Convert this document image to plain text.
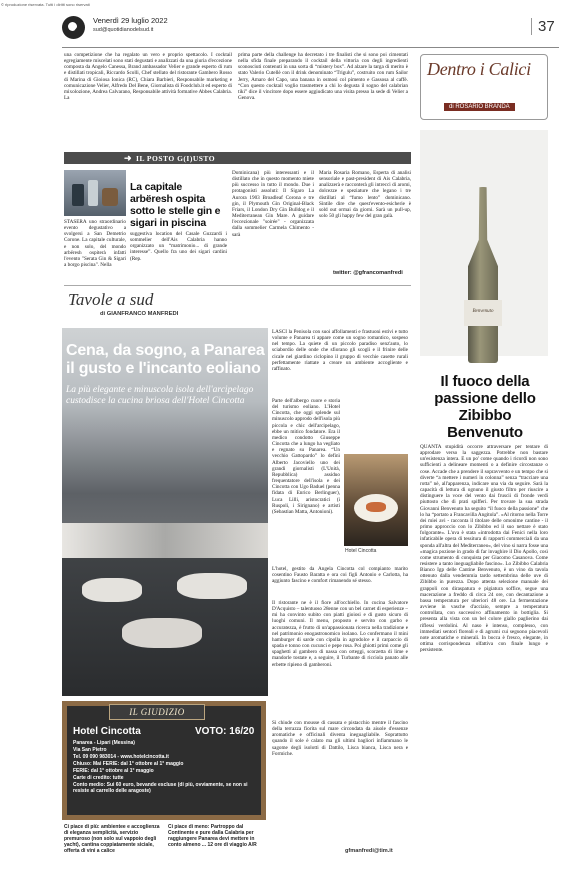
© riproduzione riservata. Tutti i diritti sono riservati
Venerdì 29 luglio 2022
sud@quotidianodelsud.it	37
una competizione che ha regalato un vero e proprio spettacolo. I cocktail egregiamente miscelati sono stati degustati e analizzati da una giuria d'eccezione composta da Angelo Canessa, Brand ambassador Velier e grande esperto di rum e distillati tropicali, Riccardo Scolli, Chef stellato del ristorante Gambero Rosso di Marina di Gioiosa Ionica (RC), Chiara Barbieri, Responsabile marketing e comunicazione Velier, Alfredo Del Bene, Giornalista di Foodclub.it ed esperto di mixolozione, Andrea Calvarano, Responsabile attività formative Abbes Calabria. La
prima parte della challenge ha decretato i tre finalisti che si sono poi cimentati nella sfida finale preparando il cocktail della vittoria con degli ingredienti sconosciuti contenuti in una sorta di “mistery box”. Ad alzare la targa di merito è stato Valerio Cutellè con il drink denominato “Trigulu”, costruito con rum Sailor Jerry, Amaro del Capo, una banana in osmosi col pimento e Gassosa al caffè. “Con questo cocktail voglio trasmettere a chi lo degusta il sogno del calabrian tiki” dice il vincitore dopo essere aggiudicato una visita presso la sede di Velier a Genova.
➜ IL POSTO G(I)USTO
STASERA uno straordinario evento degustativo a svolgersi a San Demetrio Corone. La capitale culturale, e non solo, del mondo arbëresh ospiterà infatti l'evento "Serata Gin & Sigari a borgo piscina". Nella
La capitale arbëresh ospita sotto le stelle gin e sigari in piscina
suggestiva location del Casale Guzzardi i sommelier dell'Ais Calabria hanno organizzato un “matrimonio... di grande interesse”. Quello fra uno dei sigari cardini (Rep.
Dominicana) più interessanti e il distillato che in questo momento miete più successo in tutto il mondo. Due i protagonisti assoluti: Il Sigaro La Aurora 1903 Broadleaf Corona e tre gin, il Plymouth Gin Original-Black Friars, il London Dry Gin Bulldog e il Mediterranean Gin Mare. A guidare l'eccezionale "soirée" - organizzata dalla sommelier Carmela Chimento - sarà
Maria Rosaria Romano, Esperta di analisi sensoriale e past-president di Ais Calabria, analizzerà e racconterà gli intrecci di aromi, dolcezze e speziature che legano i tre distillati al “fumo lento” dominicano. Sintile dire che quest'evento-esicherie è sold out ormai da giorni. Sarà un pull-up, solo 50 gli happy few del gran galà.
twitter: @gfrancomanfredi
Dentro i Calici
di ROSARIO BRANDA
Benvenuto
Il fuoco della passione dello Zibibbo Benvenuto
QUANTA stupidità occorre attraversare per tentare di approdare verso la saggezza. Potrebbe non bastare un'esistenza intera. E un po' come quando i ricordi non sono sufficienti a delineare momenti o a definire circostanze o cose. Accade che a prendere il sopravvento e un tempo che si diverte “a mettere i numeri in colonna” senza “tracciare una rotta” nè, all'apparenza, indicare una via da seguire. Sarà la capacità di lettura di ognuno il giusto filtro per riuscire a distinguere la voce del vento dai fruscii di fronde verdi piuttosto che di prati spifferi. Per trovare la sua strada Giovanni Benvenuto ha seguito “il fuoco della passione” che lo ha “portato a Francavilla Angitola”. «Al ritorno nella Torre dei miei avi - racconta il titolare delle omonime cantine - il primo approccio con lo Zibibbo ed il suo nettare è stato folgorante». L'uva è stata «introdotta dai Fenici nella loro infaticabile opera di tessitura di rapporti commerciali da una sponda all'altra del Mediterraneo», del vino si narra fosse una «magica pozione in grado di far invaghire il Dio Apollo, così come strumento di conquista per Giacomo Casanova. Come resistere a tanto ineguagliabile fascino». Lo Zibibbo Calabria Bianco Igp delle Cantine Benvenuto, è un vino da tavola ottenuto dalla vendemmia tardo settembrina delle uve di Zibibbo in purezza. Dopo attenta selezione manuale dei grappoli con diraspatura e pigiatura soffice, segue una macerazione a freddo di circa 24 ore, con decantazione a bassa temperatura per ulteriori 48 ore. La fermentazione avviene in vasche d'acciaio, sempre a temperatura controllata, con successivo affinamento in bottiglia. Si presenta alla vista con un bel colore giallo paglierino dai riflessi verdolini. Al naso è intenso, complesso, con immediati sentori floreali e di agrumi cui seguono piacevoli note aromatiche e minerali. In bocca è fresco, elegante, in ottima corrispondenza olfattiva con finale lungo e persistente.
Tavole a sud
di GIANFRANCO MANFREDI
Cena, da sogno, a Panarea il gusto e l'incanto eoliano
La più elegante e minuscola isola dell'arcipelago custodisce la cucina briosa dell'Hotel Cincotta
LASCI la Penisola con suoi affollamenti e frastuoni estivi e tutto volume e Panarea ti appare come un sogno romantico, sospeso nel tempo. La quiete di un piccolo paradiso senz'auto, lo sciabordio delle onde che sfiorano gli scogli e il frinire delle cicale nel giardino ciclopino il gruppo di vecchie casette rurali perfettamente riattate a creare un ambiente accogliente e raffinato.
Parte dell'albergo cuore e storia del turismo eoliano. L'Hotel Cincotta, che oggi splende sul minuscolo approdo dell'isola più piccola e chic dell'arcipelago, ebbe un mitico fondatore. Era il medico condotto Giuseppe Cincotta che a lungo ha vegliato e regnato su Panarea. “Un vecchio Gattopardo” lo definì Alberto Jacoviello uno dei grandi giornalisti (L'Unità, Repubblica) assiduo frequentatore dell'isola e dei Cincotta con Ugo Baduel (penna fidata di Enrico Berlinguer), Luca Lilli, aristocratici (i Ruspoli, i Sirignano) e artisti (Sebastian Matta, Antonioni).
Hotel Cincotta
L'hotel, gestito da Angela Cincotta col compianto marito cosentino Fausto Baratta e ora coi figli Antonio e Carlotta, ha aggiunto fascino e comfort rimanendo sé stesso.
Il ristorante ne è il fiore all'occhiello. In cucina Salvatore D'Acquisto – talentuoso 28enne con un bel carnet di esperienze – mi ha convinto subito con piatti gioiosi e di gusto sicuro di luoghi comuni. Il menu, proposto e servito con garbo e accuratezza, è frutto di un'appassionata ricerca nella tradizione e nel patrimonio enogastronomico isolano. Lo confermano il mini hamburger di sarde con cipolla in agrodolce e il carpaccio di spada e tonno con cucunci e pepe rosa. Poi ghiotti primi come gli spaghetti al gambero di nassa con orteggi, scorzetta di lime e mandorle tostate e, a seguire, il Turbante di ricciola panato alle erbette ripieno di gamberoni.
Si chiude con mousse di cassata e pistacchio mentre il fascino della terrazza fiorita sul mare circondata da aiuole d'essenze aromatiche e officinali diventa ineguagliabile. Soprattutto quando il sole è calato ma gli ultimi bagliori infiammano le sagome degli isolotti di Dattilo, Lisca bianca, Lisca nera e Formiche.
gfmanfredi@tim.it
IL GIUDIZIO
Hotel Cincotta	VOTO: 16/20
Panarea - Lipari (Messina)
Via San Pietro
Tel. 09 090 983014 - www.hotelcincotta.it
Chiuso: Mai FERIE: dal 1° ottobre al 1° maggio
FERIE: dal 1° ottobre al 1° maggio
Carte di credito: tutte
Conto medio: Sui 60 euro, bevande escluse (di più, ovviamente, se non si resiste al carrello delle aragoste)
Ci piace di più: ambientee e accoglienza di eleganza semplicità, servizio premuroso (non solo sul vappoio degli yacht), cantina coppiatamente siciale, offerta di vini a calice
Ci piace di meno: Partroppo dal Continente e pure dalla Calabria per raggiungere Panarea devi mettere in conto almeno ... 12 ore di viaggio A/R
